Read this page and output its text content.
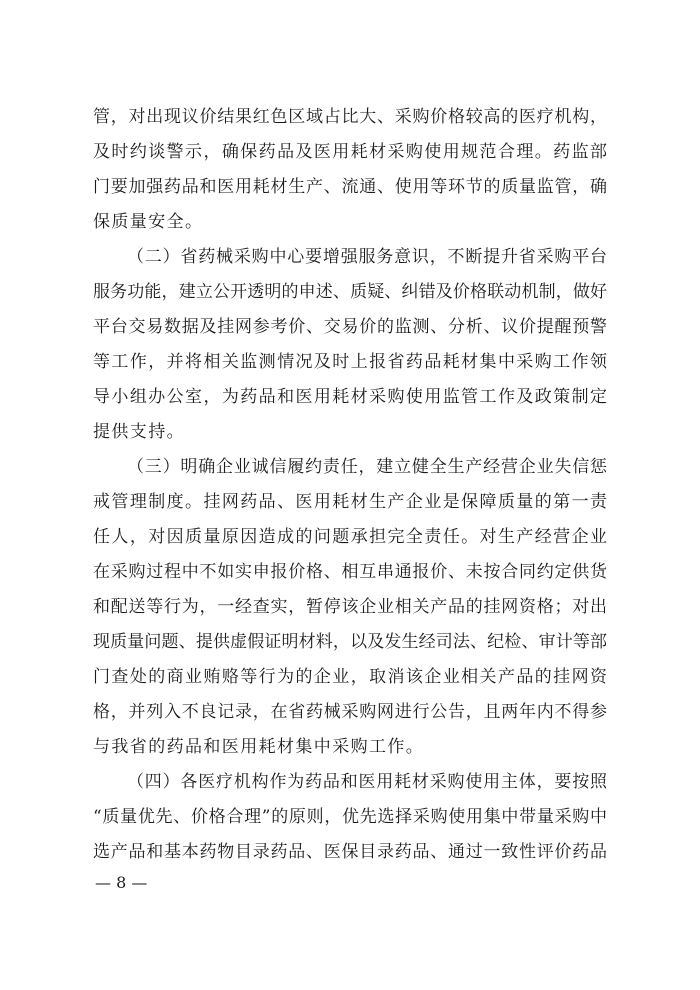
管，对出现议价结果红色区域占比大、采购价格较高的医疗机构，
及时约谈警示，确保药品及医用耗材采购使用规范合理。药监部
门要加强药品和医用耗材生产、流通、使用等环节的质量监管，确
保质量安全。
（二）省药械采购中心要增强服务意识，不断提升省采购平台
服务功能，建立公开透明的申述、质疑、纠错及价格联动机制，做好
平台交易数据及挂网参考价、交易价的监测、分析、议价提醒预警
等工作，并将相关监测情况及时上报省药品耗材集中采购工作领
导小组办公室，为药品和医用耗材采购使用监管工作及政策制定
提供支持。
（三）明确企业诚信履约责任，建立健全生产经营企业失信惩
戒管理制度。挂网药品、医用耗材生产企业是保障质量的第一责
任人，对因质量原因造成的问题承担完全责任。对生产经营企业
在采购过程中不如实申报价格、相互串通报价、未按合同约定供货
和配送等行为，一经查实，暂停该企业相关产品的挂网资格；对出
现质量问题、提供虚假证明材料，以及发生经司法、纪检、审计等部
门查处的商业贿赂等行为的企业，取消该企业相关产品的挂网资
格，并列入不良记录，在省药械采购网进行公告，且两年内不得参
与我省的药品和医用耗材集中采购工作。
（四）各医疗机构作为药品和医用耗材采购使用主体，要按照
“质量优先、价格合理”的原则，优先选择采购使用集中带量采购中
选产品和基本药物目录药品、医保目录药品、通过一致性评价药品
— 8 —
